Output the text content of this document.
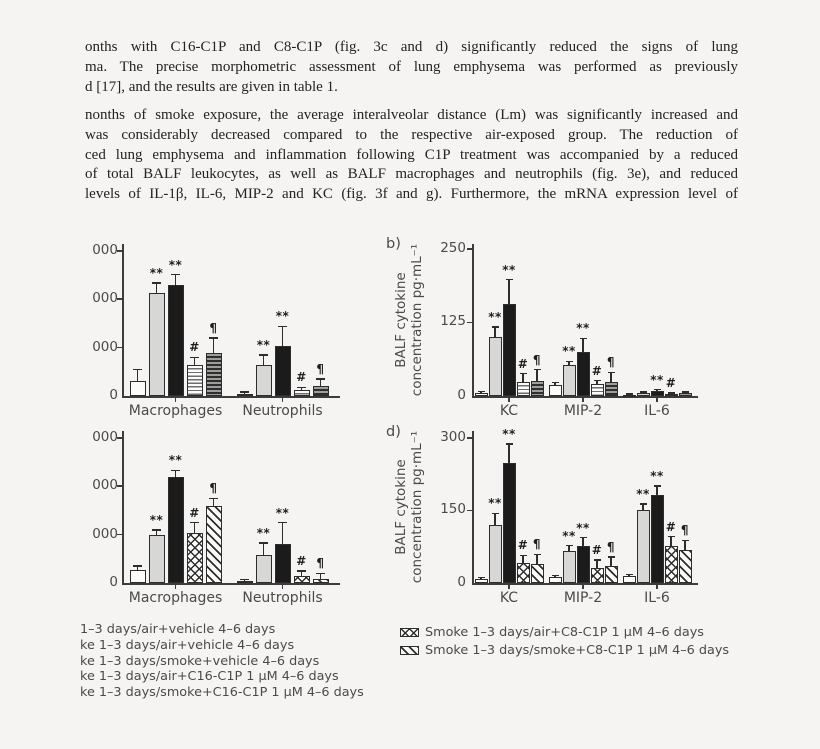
onths with C16-C1P and C8-C1P (fig. 3c and d) significantly reduced the signs of lung
ma. The precise morphometric assessment of lung emphysema was performed as previously
d [17], and the results are given in table 1.
nonths of smoke exposure, the average interalveolar distance (Lm) was significantly increased and
was considerably decreased compared to the respective air-exposed group. The reduction of
ced lung emphysema and inflammation following C1P treatment was accompanied by a reduced
of total BALF leukocytes, as well as BALF macrophages and neutrophils (fig. 3e), and reduced
levels of IL-1β, IL-6, MIP-2 and KC (fig. 3f and g). Furthermore, the mRNA expression level of
0
000
000
000
Macrophages
**
**
#
¶
Neutrophils
**
**
#
¶
b)
BALF cytokine concentration pg·mL⁻¹	0
125
250
KC
**
**
# ¶
MIP-2
**
**
#
¶
IL-6
** #
0
000
000
000
Macrophages
**
**
#
¶
Neutrophils
**
**
# ¶
d)
BALF cytokine concentration pg·mL⁻¹	0
150
300
KC
**
**
# ¶
MIP-2
**
**
# ¶
IL-6
**
**
# ¶
1–3 days/air+vehicle 4–6 days
ke 1–3 days/air+vehicle 4–6 days
ke 1–3 days/smoke+vehicle 4–6 days
ke 1–3 days/air+C16-C1P 1 μM 4–6 days
ke 1–3 days/smoke+C16-C1P 1 μM 4–6 days
Smoke 1–3 days/air+C8-C1P 1 μM 4–6 days
Smoke 1–3 days/smoke+C8-C1P 1 μM 4–6 days
